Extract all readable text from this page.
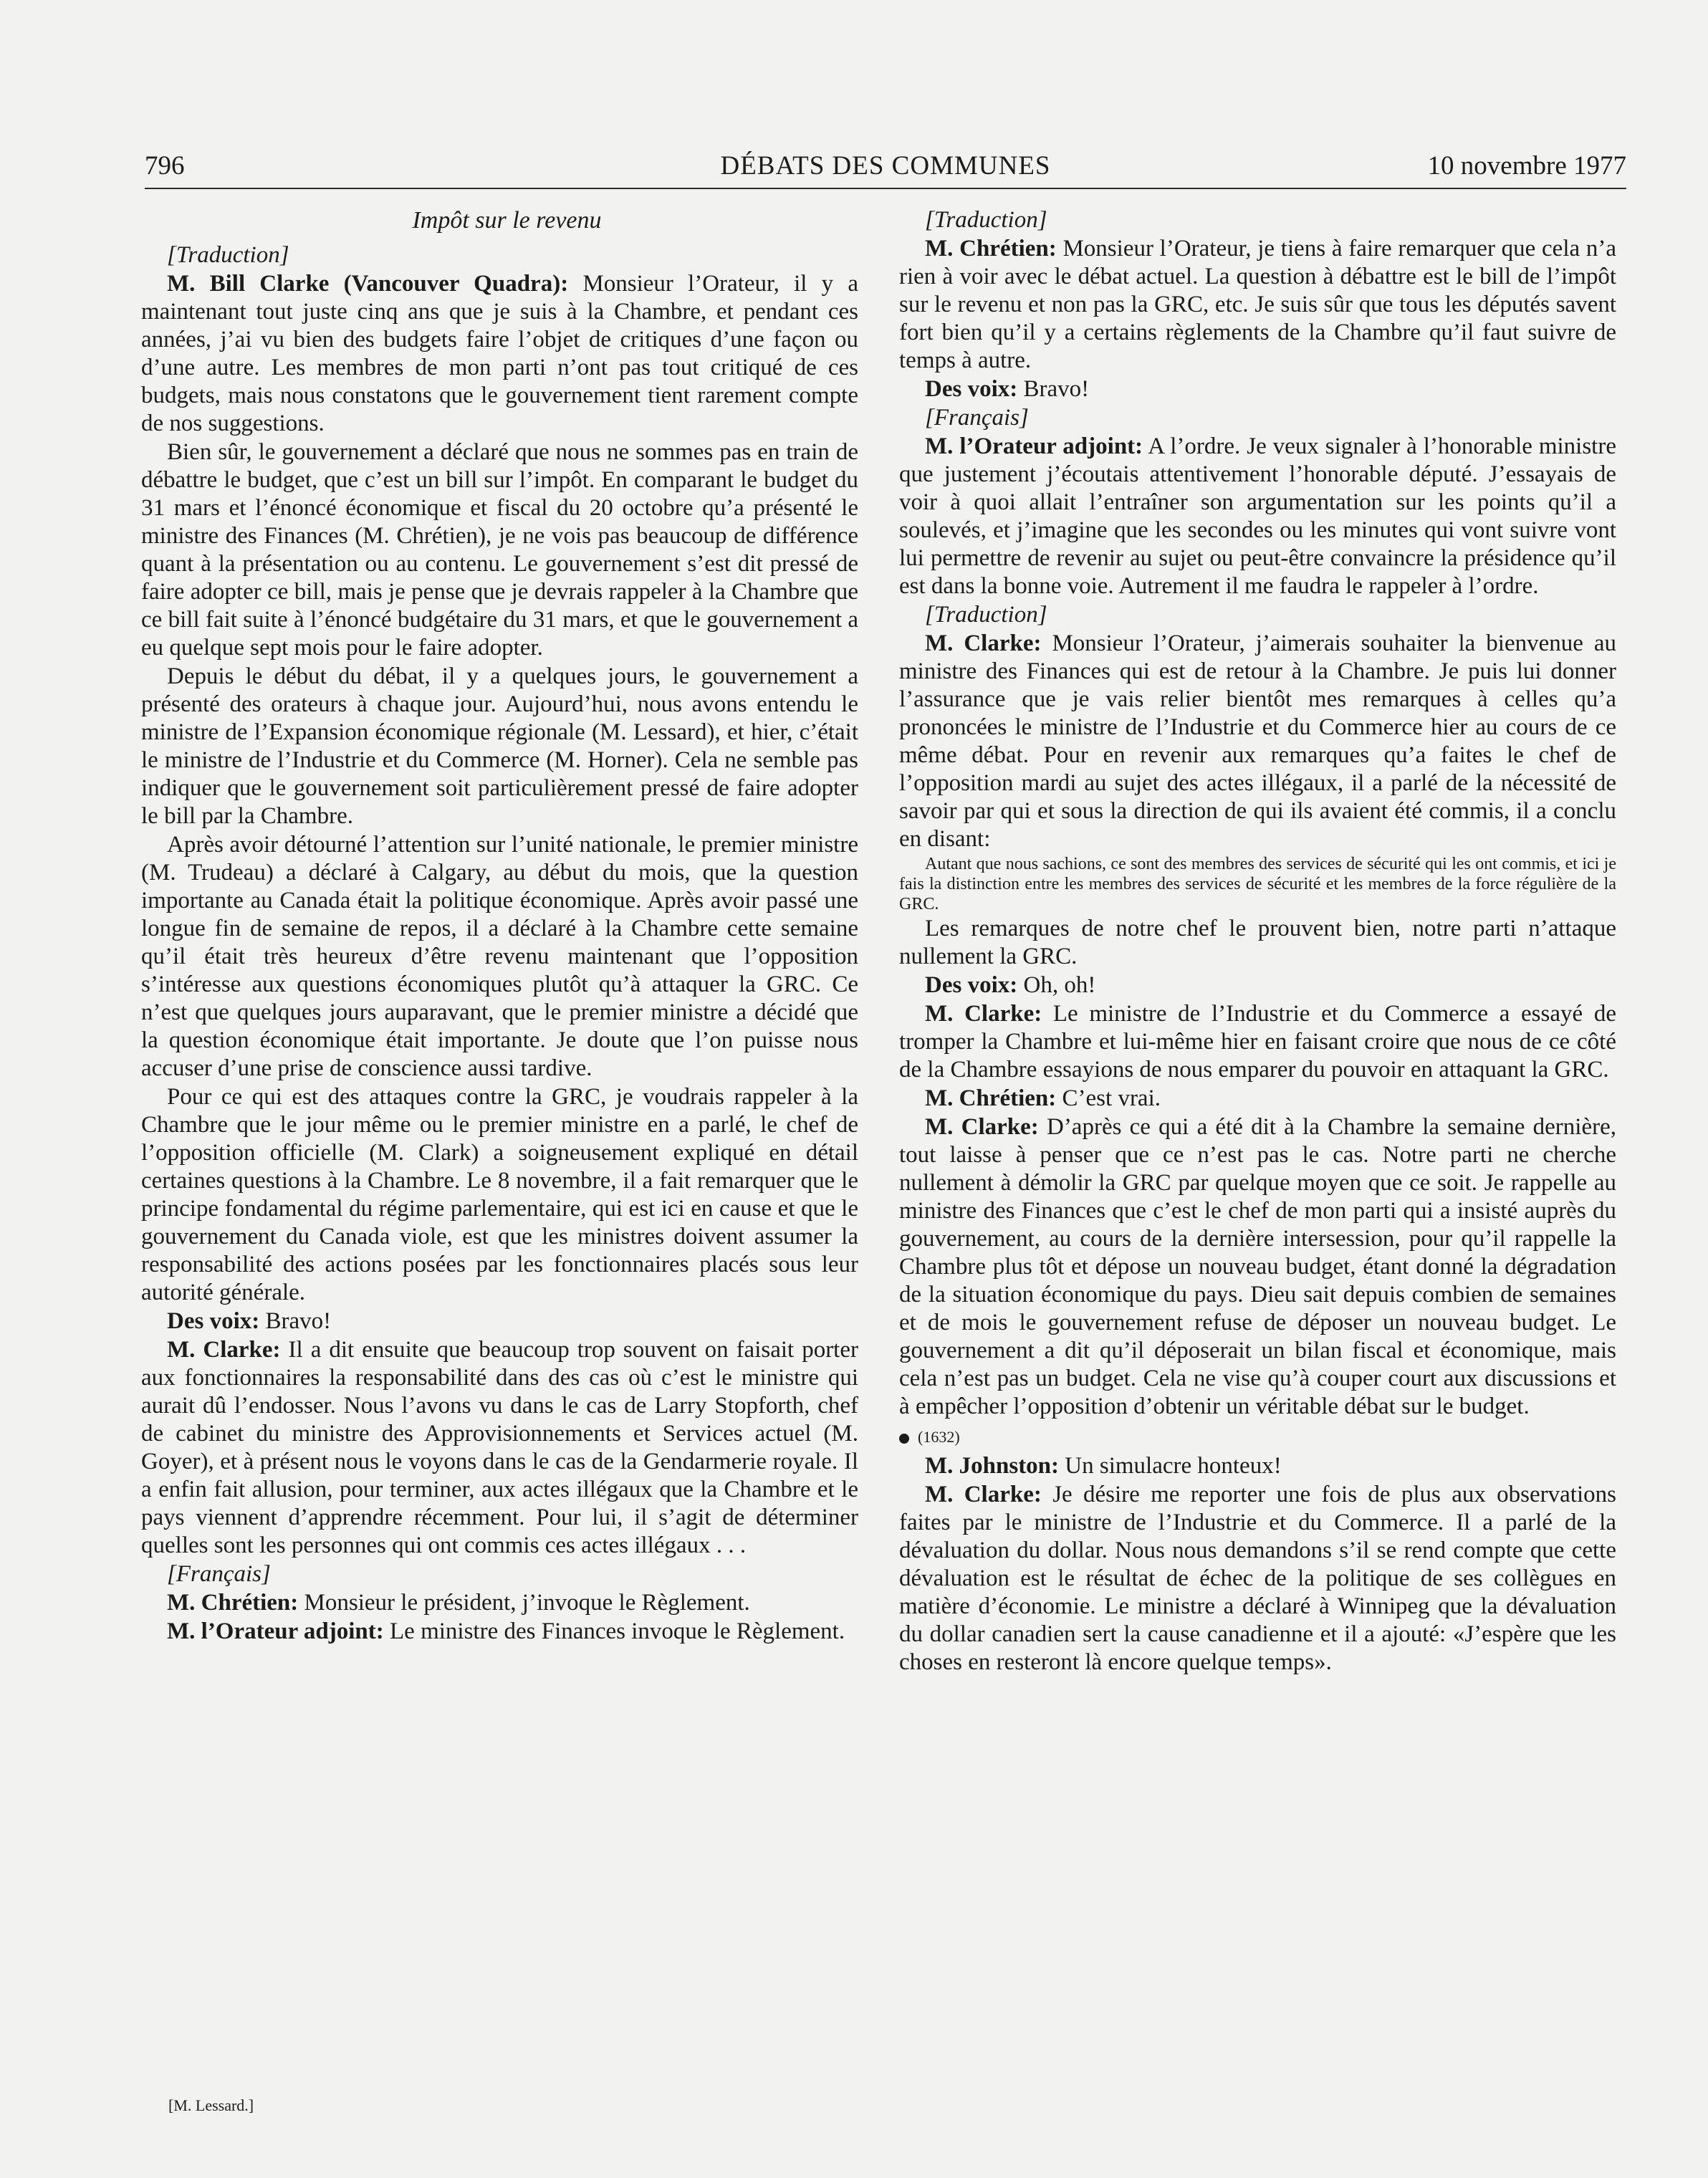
796	DÉBATS DES COMMUNES	10 novembre 1977
Impôt sur le revenu

[Traduction]

M. Bill Clarke (Vancouver Quadra): Monsieur l’Orateur, il y a maintenant tout juste cinq ans que je suis à la Chambre, et pendant ces années, j’ai vu bien des budgets faire l’objet de critiques d’une façon ou d’une autre. Les membres de mon parti n’ont pas tout critiqué de ces budgets, mais nous constatons que le gouvernement tient rarement compte de nos suggestions.

Bien sûr, le gouvernement a déclaré que nous ne sommes pas en train de débattre le budget, que c’est un bill sur l’impôt. En comparant le budget du 31 mars et l’énoncé économique et fiscal du 20 octobre qu’a présenté le ministre des Finances (M. Chrétien), je ne vois pas beaucoup de différence quant à la présentation ou au contenu. Le gouvernement s’est dit pressé de faire adopter ce bill, mais je pense que je devrais rappeler à la Chambre que ce bill fait suite à l’énoncé budgétaire du 31 mars, et que le gouvernement a eu quelque sept mois pour le faire adopter.

Depuis le début du débat, il y a quelques jours, le gouvernement a présenté des orateurs à chaque jour. Aujourd’hui, nous avons entendu le ministre de l’Expansion économique régionale (M. Lessard), et hier, c’était le ministre de l’Industrie et du Commerce (M. Horner). Cela ne semble pas indiquer que le gouvernement soit particulièrement pressé de faire adopter le bill par la Chambre.

Après avoir détourné l’attention sur l’unité nationale, le premier ministre (M. Trudeau) a déclaré à Calgary, au début du mois, que la question importante au Canada était la politique économique. Après avoir passé une longue fin de semaine de repos, il a déclaré à la Chambre cette semaine qu’il était très heureux d’être revenu maintenant que l’opposition s’intéresse aux questions économiques plutôt qu’à attaquer la GRC. Ce n’est que quelques jours auparavant, que le premier ministre a décidé que la question économique était importante. Je doute que l’on puisse nous accuser d’une prise de conscience aussi tardive.

Pour ce qui est des attaques contre la GRC, je voudrais rappeler à la Chambre que le jour même ou le premier ministre en a parlé, le chef de l’opposition officielle (M. Clark) a soigneusement expliqué en détail certaines questions à la Chambre. Le 8 novembre, il a fait remarquer que le principe fondamental du régime parlementaire, qui est ici en cause et que le gouvernement du Canada viole, est que les ministres doivent assumer la responsabilité des actions posées par les fonctionnaires placés sous leur autorité générale.

Des voix: Bravo!

M. Clarke: Il a dit ensuite que beaucoup trop souvent on faisait porter aux fonctionnaires la responsabilité dans des cas où c’est le ministre qui aurait dû l’endosser. Nous l’avons vu dans le cas de Larry Stopforth, chef de cabinet du ministre des Approvisionnements et Services actuel (M. Goyer), et à présent nous le voyons dans le cas de la Gendarmerie royale. Il a enfin fait allusion, pour terminer, aux actes illégaux que la Chambre et le pays viennent d’apprendre récemment. Pour lui, il s’agit de déterminer quelles sont les personnes qui ont commis ces actes illégaux . . .

[Français]

M. Chrétien: Monsieur le président, j’invoque le Règlement.

M. l’Orateur adjoint: Le ministre des Finances invoque le Règlement.

[Traduction]

M. Chrétien: Monsieur l’Orateur, je tiens à faire remarquer que cela n’a rien à voir avec le débat actuel. La question à débattre est le bill de l’impôt sur le revenu et non pas la GRC, etc. Je suis sûr que tous les députés savent fort bien qu’il y a certains règlements de la Chambre qu’il faut suivre de temps à autre.

Des voix: Bravo!

[Français]

M. l’Orateur adjoint: A l’ordre. Je veux signaler à l’honorable ministre que justement j’écoutais attentivement l’honorable député. J’essayais de voir à quoi allait l’entraîner son argumentation sur les points qu’il a soulevés, et j’imagine que les secondes ou les minutes qui vont suivre vont lui permettre de revenir au sujet ou peut-être convaincre la présidence qu’il est dans la bonne voie. Autrement il me faudra le rappeler à l’ordre.

[Traduction]

M. Clarke: Monsieur l’Orateur, j’aimerais souhaiter la bienvenue au ministre des Finances qui est de retour à la Chambre. Je puis lui donner l’assurance que je vais relier bientôt mes remarques à celles qu’a prononcées le ministre de l’Industrie et du Commerce hier au cours de ce même débat. Pour en revenir aux remarques qu’a faites le chef de l’opposition mardi au sujet des actes illégaux, il a parlé de la nécessité de savoir par qui et sous la direction de qui ils avaient été commis, il a conclu en disant:

Autant que nous sachions, ce sont des membres des services de sécurité qui les ont commis, et ici je fais la distinction entre les membres des services de sécurité et les membres de la force régulière de la GRC.

Les remarques de notre chef le prouvent bien, notre parti n’attaque nullement la GRC.

Des voix: Oh, oh!

M. Clarke: Le ministre de l’Industrie et du Commerce a essayé de tromper la Chambre et lui-même hier en faisant croire que nous de ce côté de la Chambre essayions de nous emparer du pouvoir en attaquant la GRC.

M. Chrétien: C’est vrai.

M. Clarke: D’après ce qui a été dit à la Chambre la semaine dernière, tout laisse à penser que ce n’est pas le cas. Notre parti ne cherche nullement à démolir la GRC par quelque moyen que ce soit. Je rappelle au ministre des Finances que c’est le chef de mon parti qui a insisté auprès du gouvernement, au cours de la dernière intersession, pour qu’il rappelle la Chambre plus tôt et dépose un nouveau budget, étant donné la dégradation de la situation économique du pays. Dieu sait depuis combien de semaines et de mois le gouvernement refuse de déposer un nouveau budget. Le gouvernement a dit qu’il déposerait un bilan fiscal et économique, mais cela n’est pas un budget. Cela ne vise qu’à couper court aux discussions et à empêcher l’opposition d’obtenir un véritable débat sur le budget.

(1632)

M. Johnston: Un simulacre honteux!

M. Clarke: Je désire me reporter une fois de plus aux observations faites par le ministre de l’Industrie et du Commerce. Il a parlé de la dévaluation du dollar. Nous nous demandons s’il se rend compte que cette dévaluation est le résultat de échec de la politique de ses collègues en matière d’économie. Le ministre a déclaré à Winnipeg que la dévaluation du dollar canadien sert la cause canadienne et il a ajouté: «J’espère que les choses en resteront là encore quelque temps».

[M. Lessard.]
